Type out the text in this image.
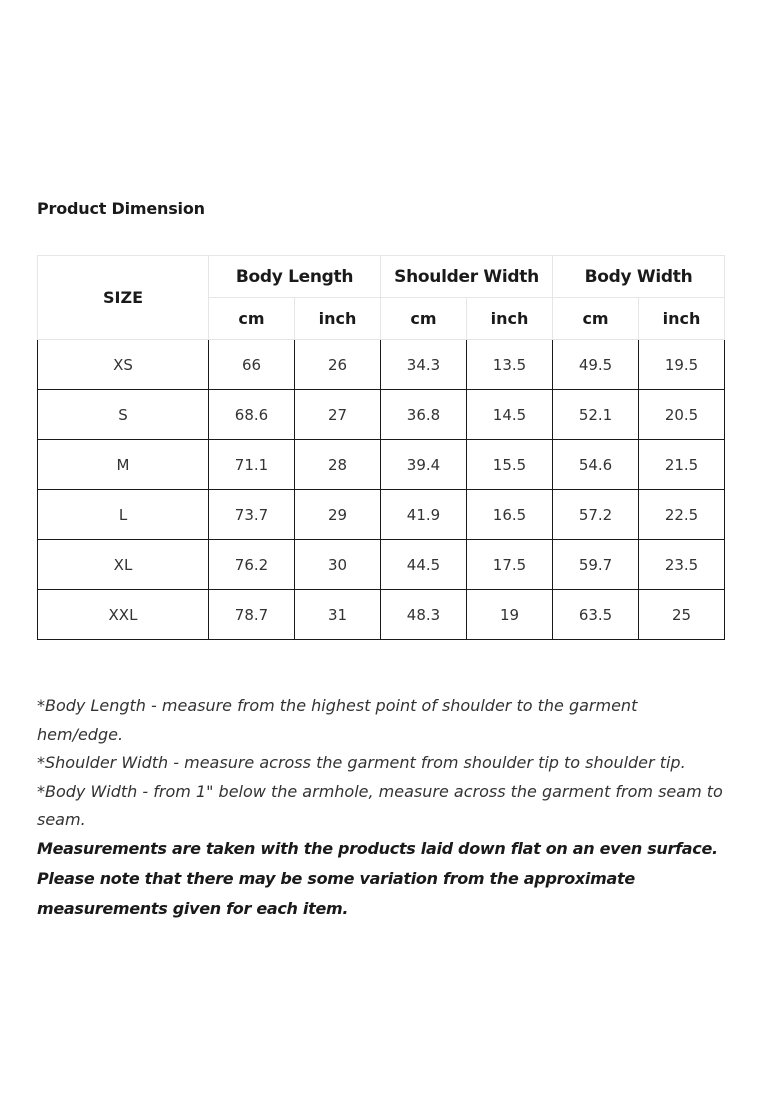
Product Dimension
SIZE	Body Length		Shoulder Width		Body Width	
	cm	inch	cm	inch	cm	inch
XS	66	26	34.3	13.5	49.5	19.5
S	68.6	27	36.8	14.5	52.1	20.5
M	71.1	28	39.4	15.5	54.6	21.5
L	73.7	29	41.9	16.5	57.2	22.5
XL	76.2	30	44.5	17.5	59.7	23.5
XXL	78.7	31	48.3	19	63.5	25

*Body Length - measure from the highest point of shoulder to the garment hem/edge.

*Shoulder Width - measure across the garment from shoulder tip to shoulder tip.

*Body Width - from 1" below the armhole, measure across the garment from seam to seam.

Measurements are taken with the products laid down flat on an even surface. Please note that there may be some variation from the approximate measurements given for each item.
